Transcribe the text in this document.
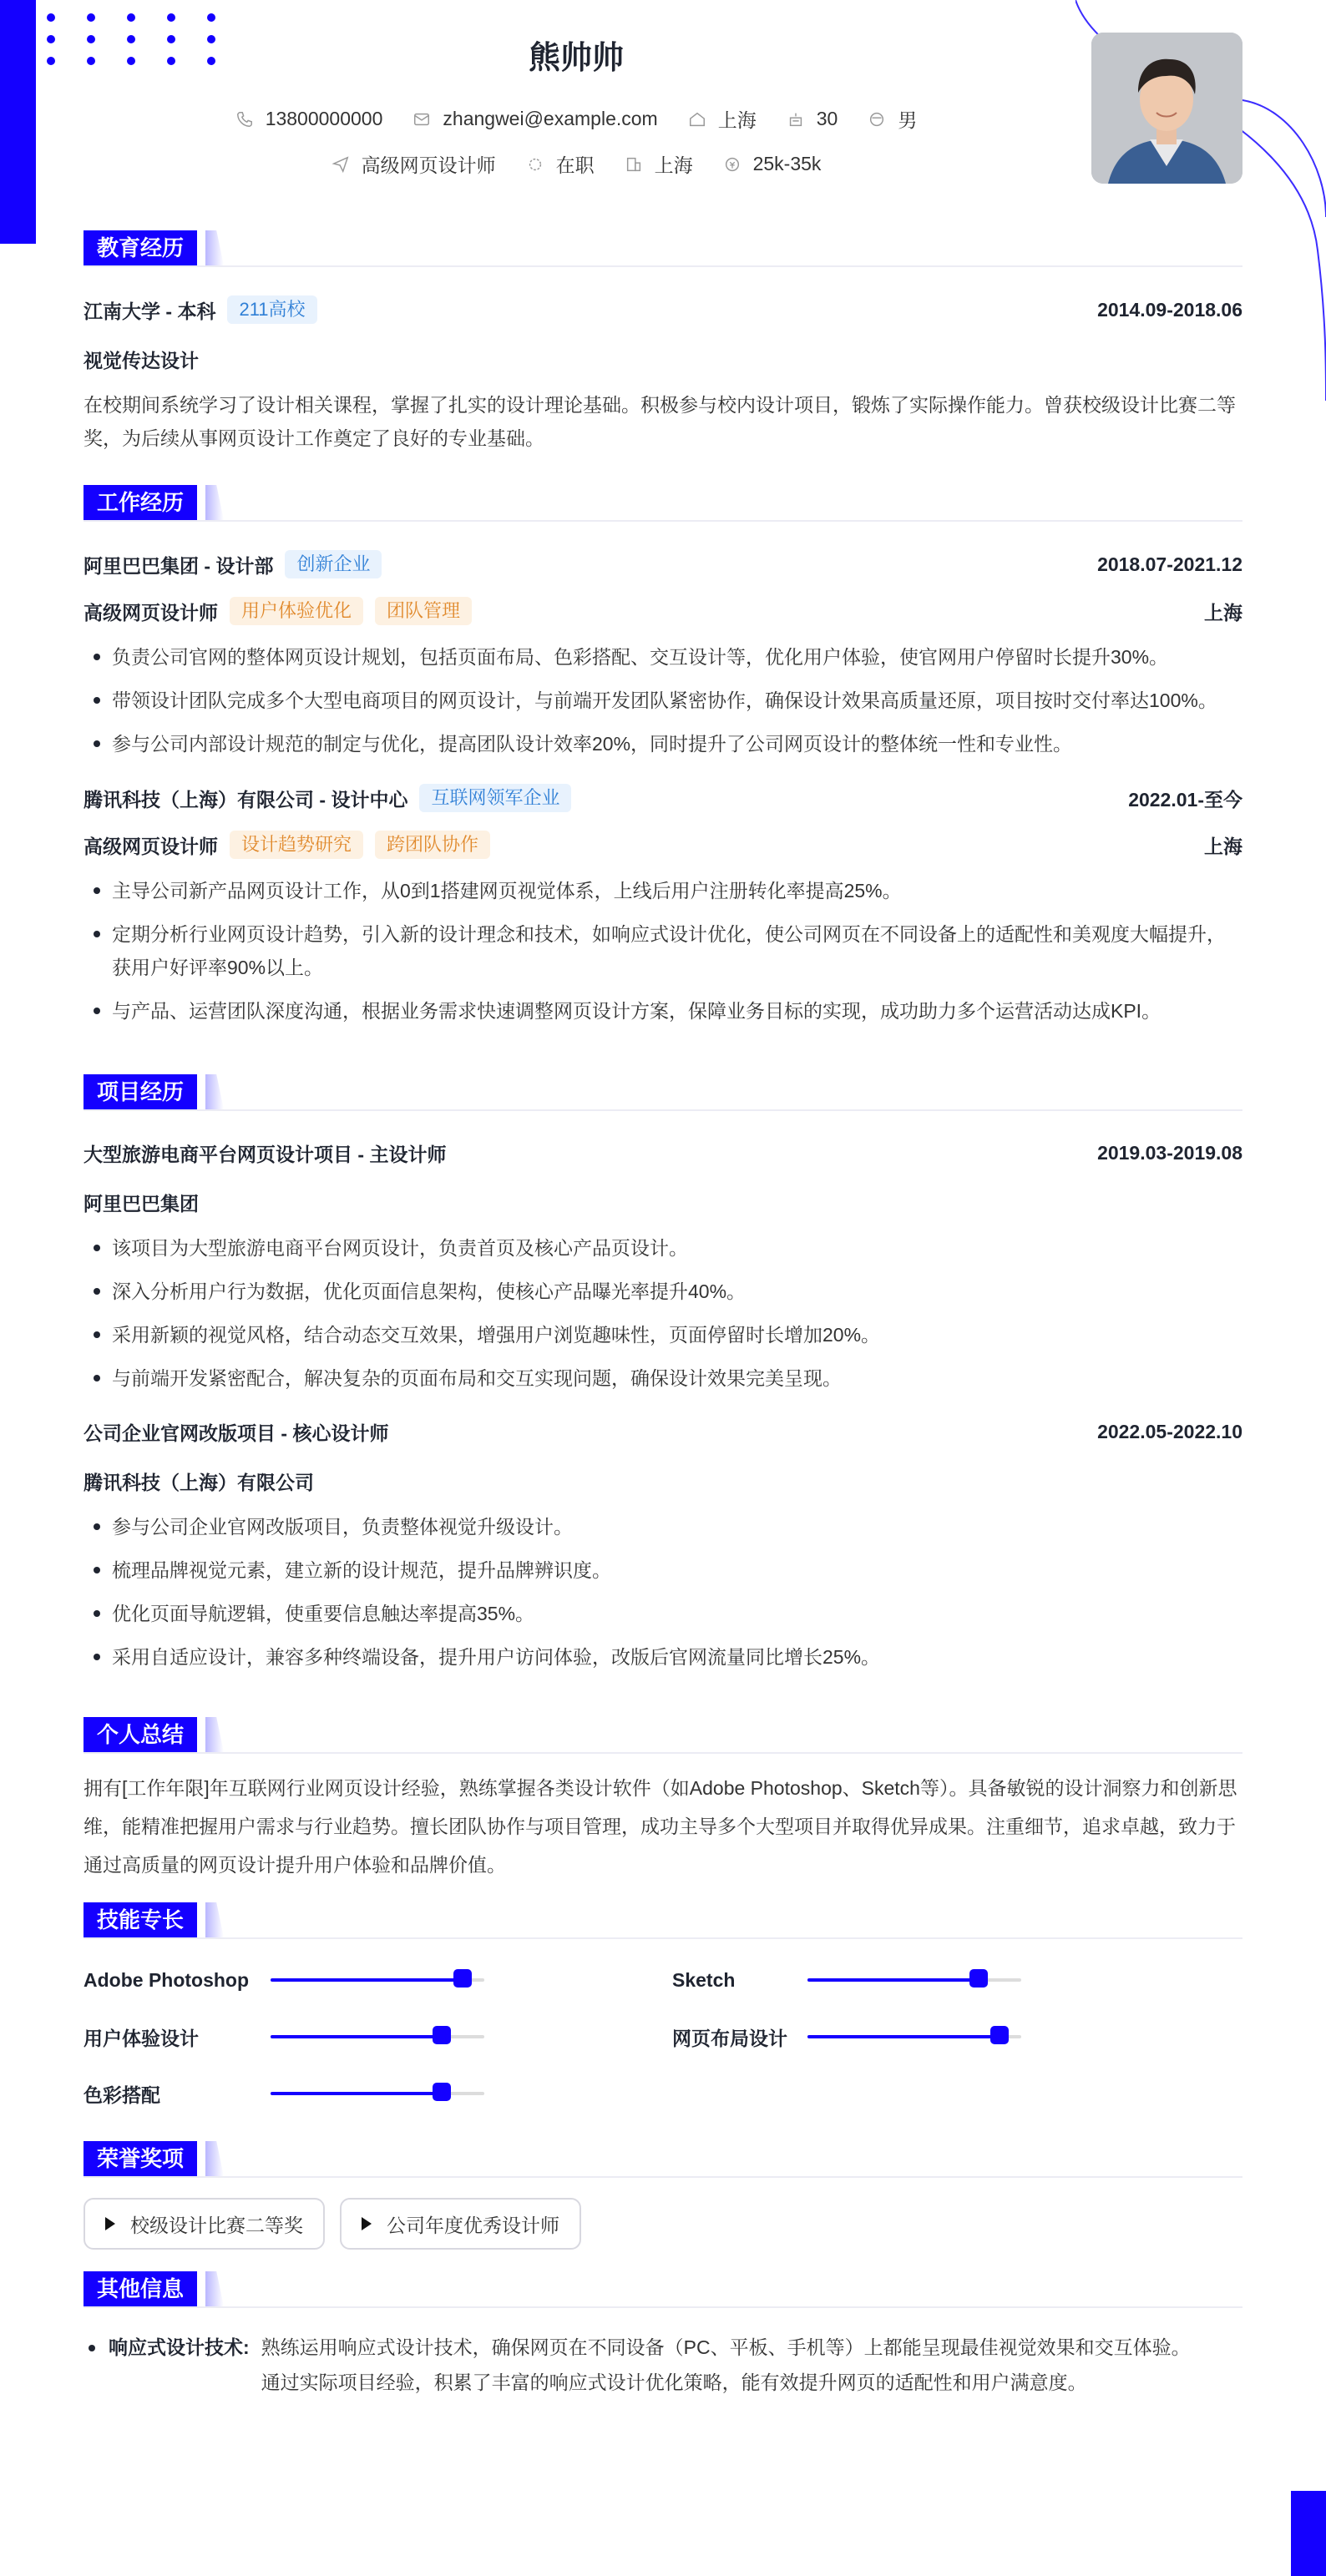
熊帅帅
13800000000	zhangwei@example.com	上海	30	男
高级网页设计师	在职	上海	25k-35k
教育经历
江南大学 - 本科	211高校	2014.09-2018.06
视觉传达设计
在校期间系统学习了设计相关课程，掌握了扎实的设计理论基础。积极参与校内设计项目，锻炼了实际操作能力。曾获校级设计比赛二等奖，为后续从事网页设计工作奠定了良好的专业基础。
工作经历
阿里巴巴集团 - 设计部	创新企业	2018.07-2021.12
高级网页设计师	用户体验优化	团队管理	上海
负责公司官网的整体网页设计规划，包括页面布局、色彩搭配、交互设计等，优化用户体验，使官网用户停留时长提升30%。
带领设计团队完成多个大型电商项目的网页设计，与前端开发团队紧密协作，确保设计效果高质量还原，项目按时交付率达100%。
参与公司内部设计规范的制定与优化，提高团队设计效率20%，同时提升了公司网页设计的整体统一性和专业性。
腾讯科技（上海）有限公司 - 设计中心	互联网领军企业	2022.01-至今
高级网页设计师	设计趋势研究	跨团队协作	上海
主导公司新产品网页设计工作，从0到1搭建网页视觉体系，上线后用户注册转化率提高25%。
定期分析行业网页设计趋势，引入新的设计理念和技术，如响应式设计优化，使公司网页在不同设备上的适配性和美观度大幅提升，获用户好评率90%以上。
与产品、运营团队深度沟通，根据业务需求快速调整网页设计方案，保障业务目标的实现，成功助力多个运营活动达成KPI。
项目经历
大型旅游电商平台网页设计项目 - 主设计师	2019.03-2019.08
阿里巴巴集团
该项目为大型旅游电商平台网页设计，负责首页及核心产品页设计。
深入分析用户行为数据，优化页面信息架构，使核心产品曝光率提升40%。
采用新颖的视觉风格，结合动态交互效果，增强用户浏览趣味性，页面停留时长增加20%。
与前端开发紧密配合，解决复杂的页面布局和交互实现问题，确保设计效果完美呈现。
公司企业官网改版项目 - 核心设计师	2022.05-2022.10
腾讯科技（上海）有限公司
参与公司企业官网改版项目，负责整体视觉升级设计。
梳理品牌视觉元素，建立新的设计规范，提升品牌辨识度。
优化页面导航逻辑，使重要信息触达率提高35%。
采用自适应设计，兼容多种终端设备，提升用户访问体验，改版后官网流量同比增长25%。
个人总结
拥有[工作年限]年互联网行业网页设计经验，熟练掌握各类设计软件（如Adobe Photoshop、Sketch等）。具备敏锐的设计洞察力和创新思维，能精准把握用户需求与行业趋势。擅长团队协作与项目管理，成功主导多个大型项目并取得优异成果。注重细节，追求卓越，致力于通过高质量的网页设计提升用户体验和品牌价值。
技能专长
Adobe Photoshop	Sketch
用户体验设计	网页布局设计
色彩搭配
荣誉奖项
校级设计比赛二等奖	公司年度优秀设计师
其他信息
响应式设计技术: 熟练运用响应式设计技术，确保网页在不同设备（PC、平板、手机等）上都能呈现最佳视觉效果和交互体验。
通过实际项目经验，积累了丰富的响应式设计优化策略，能有效提升网页的适配性和用户满意度。
